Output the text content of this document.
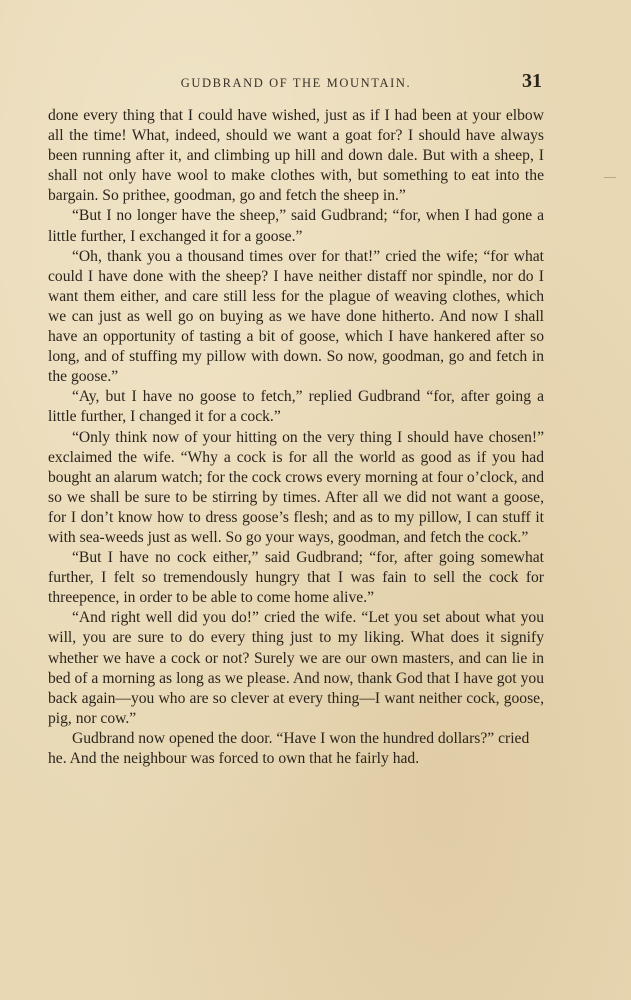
GUDBRAND OF THE MOUNTAIN.	31

done every thing that I could have wished, just as if I had been at your elbow all the time! What, indeed, should we want a goat for? I should have always been running after it, and climbing up hill and down dale. But with a sheep, I shall not only have wool to make clothes with, but something to eat into the bargain. So prithee, goodman, go and fetch the sheep in.”

“But I no longer have the sheep,” said Gudbrand; “for, when I had gone a little further, I exchanged it for a goose.”

“Oh, thank you a thousand times over for that!” cried the wife; “for what could I have done with the sheep? I have neither distaff nor spindle, nor do I want them either, and care still less for the plague of weaving clothes, which we can just as well go on buying as we have done hitherto. And now I shall have an opportunity of tasting a bit of goose, which I have hankered after so long, and of stuffing my pillow with down. So now, goodman, go and fetch in the goose.”

“Ay, but I have no goose to fetch,” replied Gudbrand “for, after going a little further, I changed it for a cock.”

“Only think now of your hitting on the very thing I should have chosen!” exclaimed the wife. “Why a cock is for all the world as good as if you had bought an alarum watch; for the cock crows every morning at four o’clock, and so we shall be sure to be stirring by times. After all we did not want a goose, for I don’t know how to dress goose’s flesh; and as to my pillow, I can stuff it with sea-weeds just as well. So go your ways, goodman, and fetch the cock.”

“But I have no cock either,” said Gudbrand; “for, after going somewhat further, I felt so tremendously hungry that I was fain to sell the cock for threepence, in order to be able to come home alive.”

“And right well did you do!” cried the wife. “Let you set about what you will, you are sure to do every thing just to my liking. What does it signify whether we have a cock or not? Surely we are our own masters, and can lie in bed of a morning as long as we please. And now, thank God that I have got you back again—you who are so clever at every thing—I want neither cock, goose, pig, nor cow.”

Gudbrand now opened the door. “Have I won the hundred dollars?” cried he. And the neighbour was forced to own that he fairly had.
